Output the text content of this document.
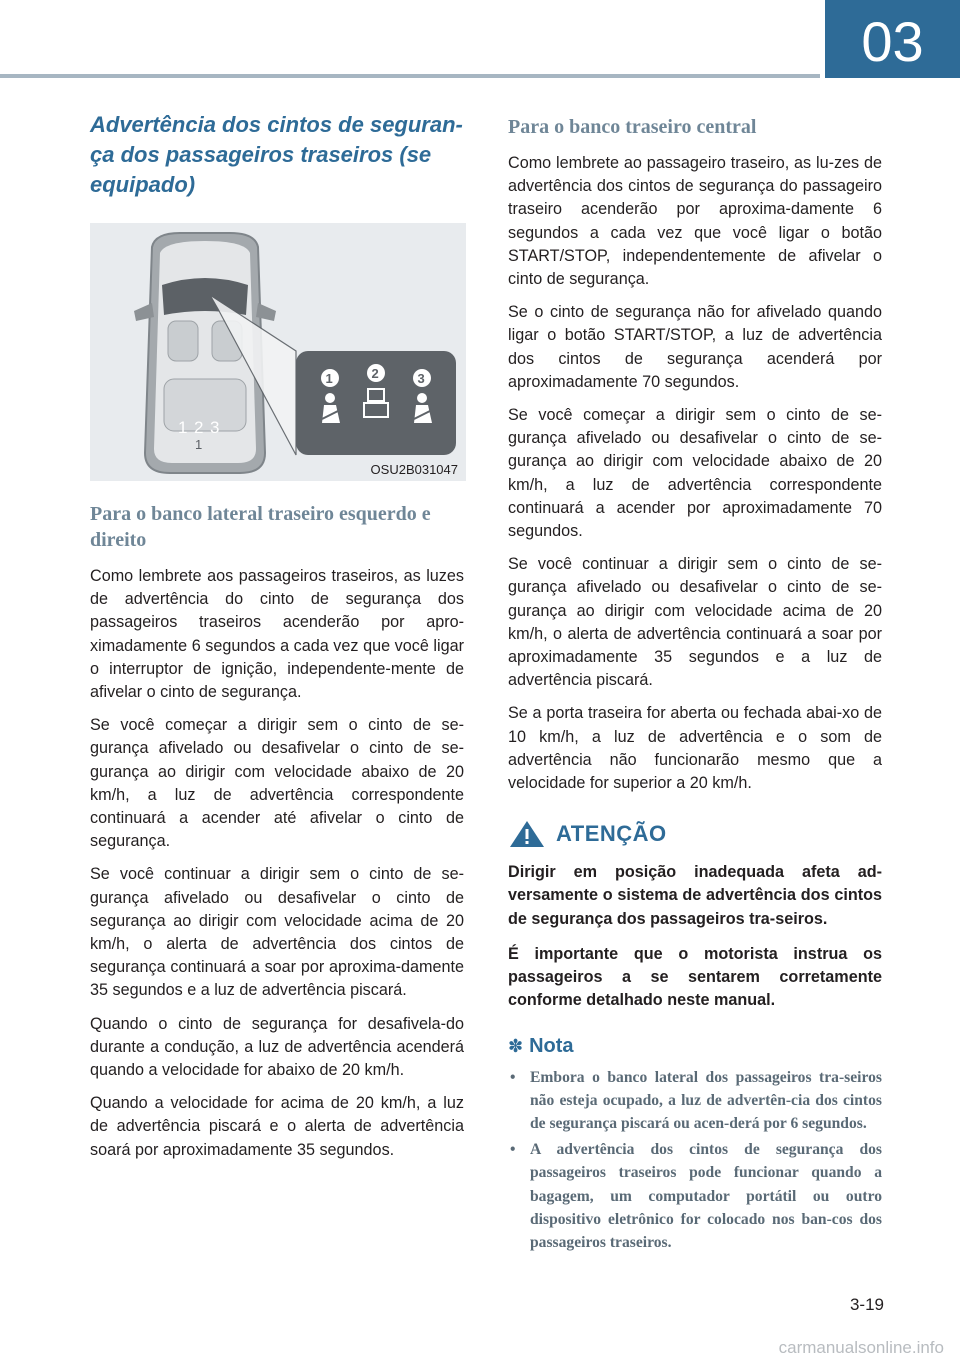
03
Advertência dos cintos de seguran-ça dos passageiros traseiros (se equipado)
1 2 3
1
1	2	3
OSU2B031047
Para o banco lateral traseiro esquerdo e direito

Como lembrete aos passageiros traseiros, as luzes de advertência do cinto de segurança dos passageiros traseiros acenderão por apro-ximadamente 6 segundos a cada vez que você ligar o interruptor de ignição, independente-mente de afivelar o cinto de segurança.

Se você começar a dirigir sem o cinto de se-gurança afivelado ou desafivelar o cinto de se-gurança ao dirigir com velocidade abaixo de 20 km/h, a luz de advertência correspondente continuará a acender até afivelar o cinto de segurança.

Se você continuar a dirigir sem o cinto de se-gurança afivelado ou desafivelar o cinto de segurança ao dirigir com velocidade acima de 20 km/h, o alerta de advertência dos cintos de segurança continuará a soar por aproxima-damente 35 segundos e a luz de advertência piscará.

Quando o cinto de segurança for desafivela-do durante a condução, a luz de advertência acenderá quando a velocidade for abaixo de 20 km/h.

Quando a velocidade for acima de 20 km/h, a luz de advertência piscará e o alerta de advertência soará por aproximadamente 35 segundos.

Para o banco traseiro central

Como lembrete ao passageiro traseiro, as lu-zes de advertência dos cintos de segurança do passageiro traseiro acenderão por aproxima-damente 6 segundos a cada vez que você ligar o botão START/STOP, independentemente de afivelar o cinto de segurança.

Se o cinto de segurança não for afivelado quando ligar o botão START/STOP, a luz de advertência dos cintos de segurança acenderá por aproximadamente 70 segundos.

Se você começar a dirigir sem o cinto de se-gurança afivelado ou desafivelar o cinto de se-gurança ao dirigir com velocidade abaixo de 20 km/h, a luz de advertência correspondente continuará a acender por aproximadamente 70 segundos.

Se você continuar a dirigir sem o cinto de se-gurança afivelado ou desafivelar o cinto de se-gurança ao dirigir com velocidade acima de 20 km/h, o alerta de advertência continuará a soar por aproximadamente 35 segundos e a luz de advertência piscará.

Se a porta traseira for aberta ou fechada abai-xo de 10 km/h, a luz de advertência e o som de advertência não funcionarão mesmo que a velocidade for superior a 20 km/h.

ATENÇÃO

Dirigir em posição inadequada afeta ad-versamente o sistema de advertência dos cintos de segurança dos passageiros tra-seiros.

É importante que o motorista instrua os passageiros a se sentarem corretamente conforme detalhado neste manual.

✽ Nota
• Embora o banco lateral dos passageiros tra-seiros não esteja ocupado, a luz de advertên-cia dos cintos de segurança piscará ou acen-derá por 6 segundos.
• A advertência dos cintos de segurança dos passageiros traseiros pode funcionar quando a bagagem, um computador portátil ou outro dispositivo eletrônico for colocado nos ban-cos dos passageiros traseiros.
3-19
carmanualsonline.info
